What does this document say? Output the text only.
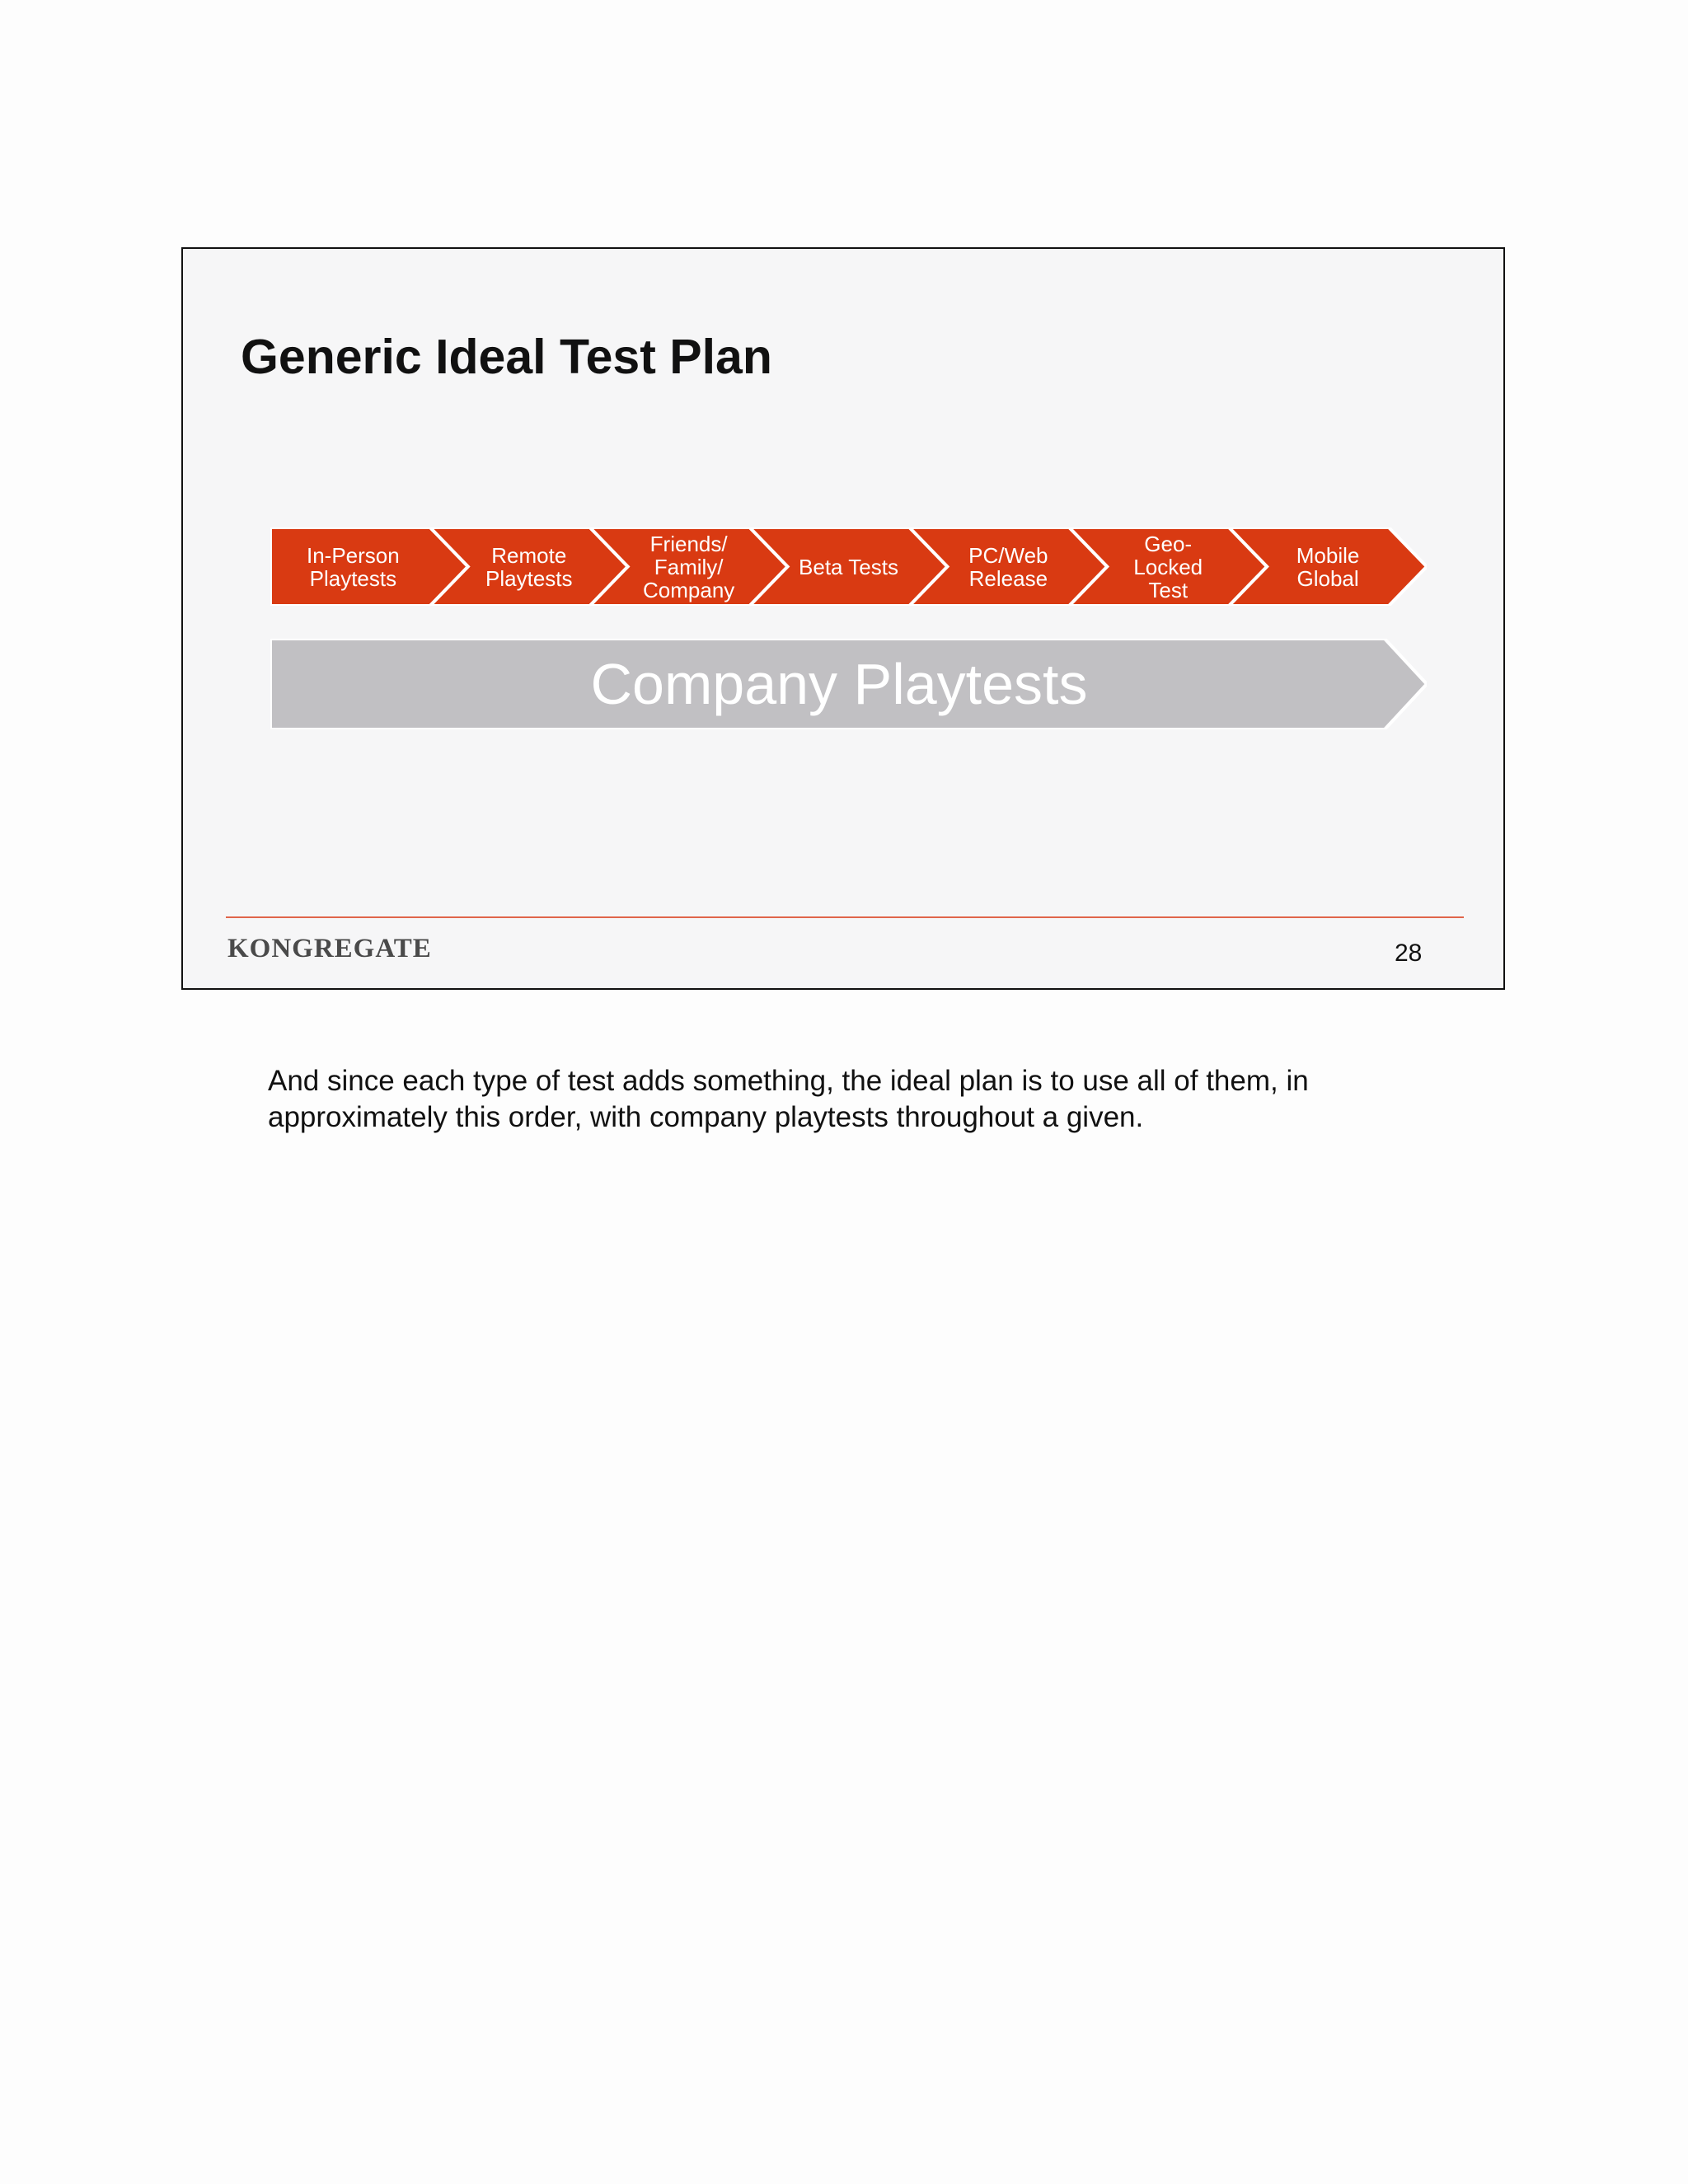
Generic Ideal Test Plan
In-Person
Playtests
Remote
Playtests
Friends/
Family/
Company
Beta Tests	PC/Web
Release
Geo-
Locked
Test
Mobile
Global
Company Playtests
KONGREGATE	28

And since each type of test adds something, the ideal plan is to use all of them, in approximately this order, with company playtests throughout a given.
